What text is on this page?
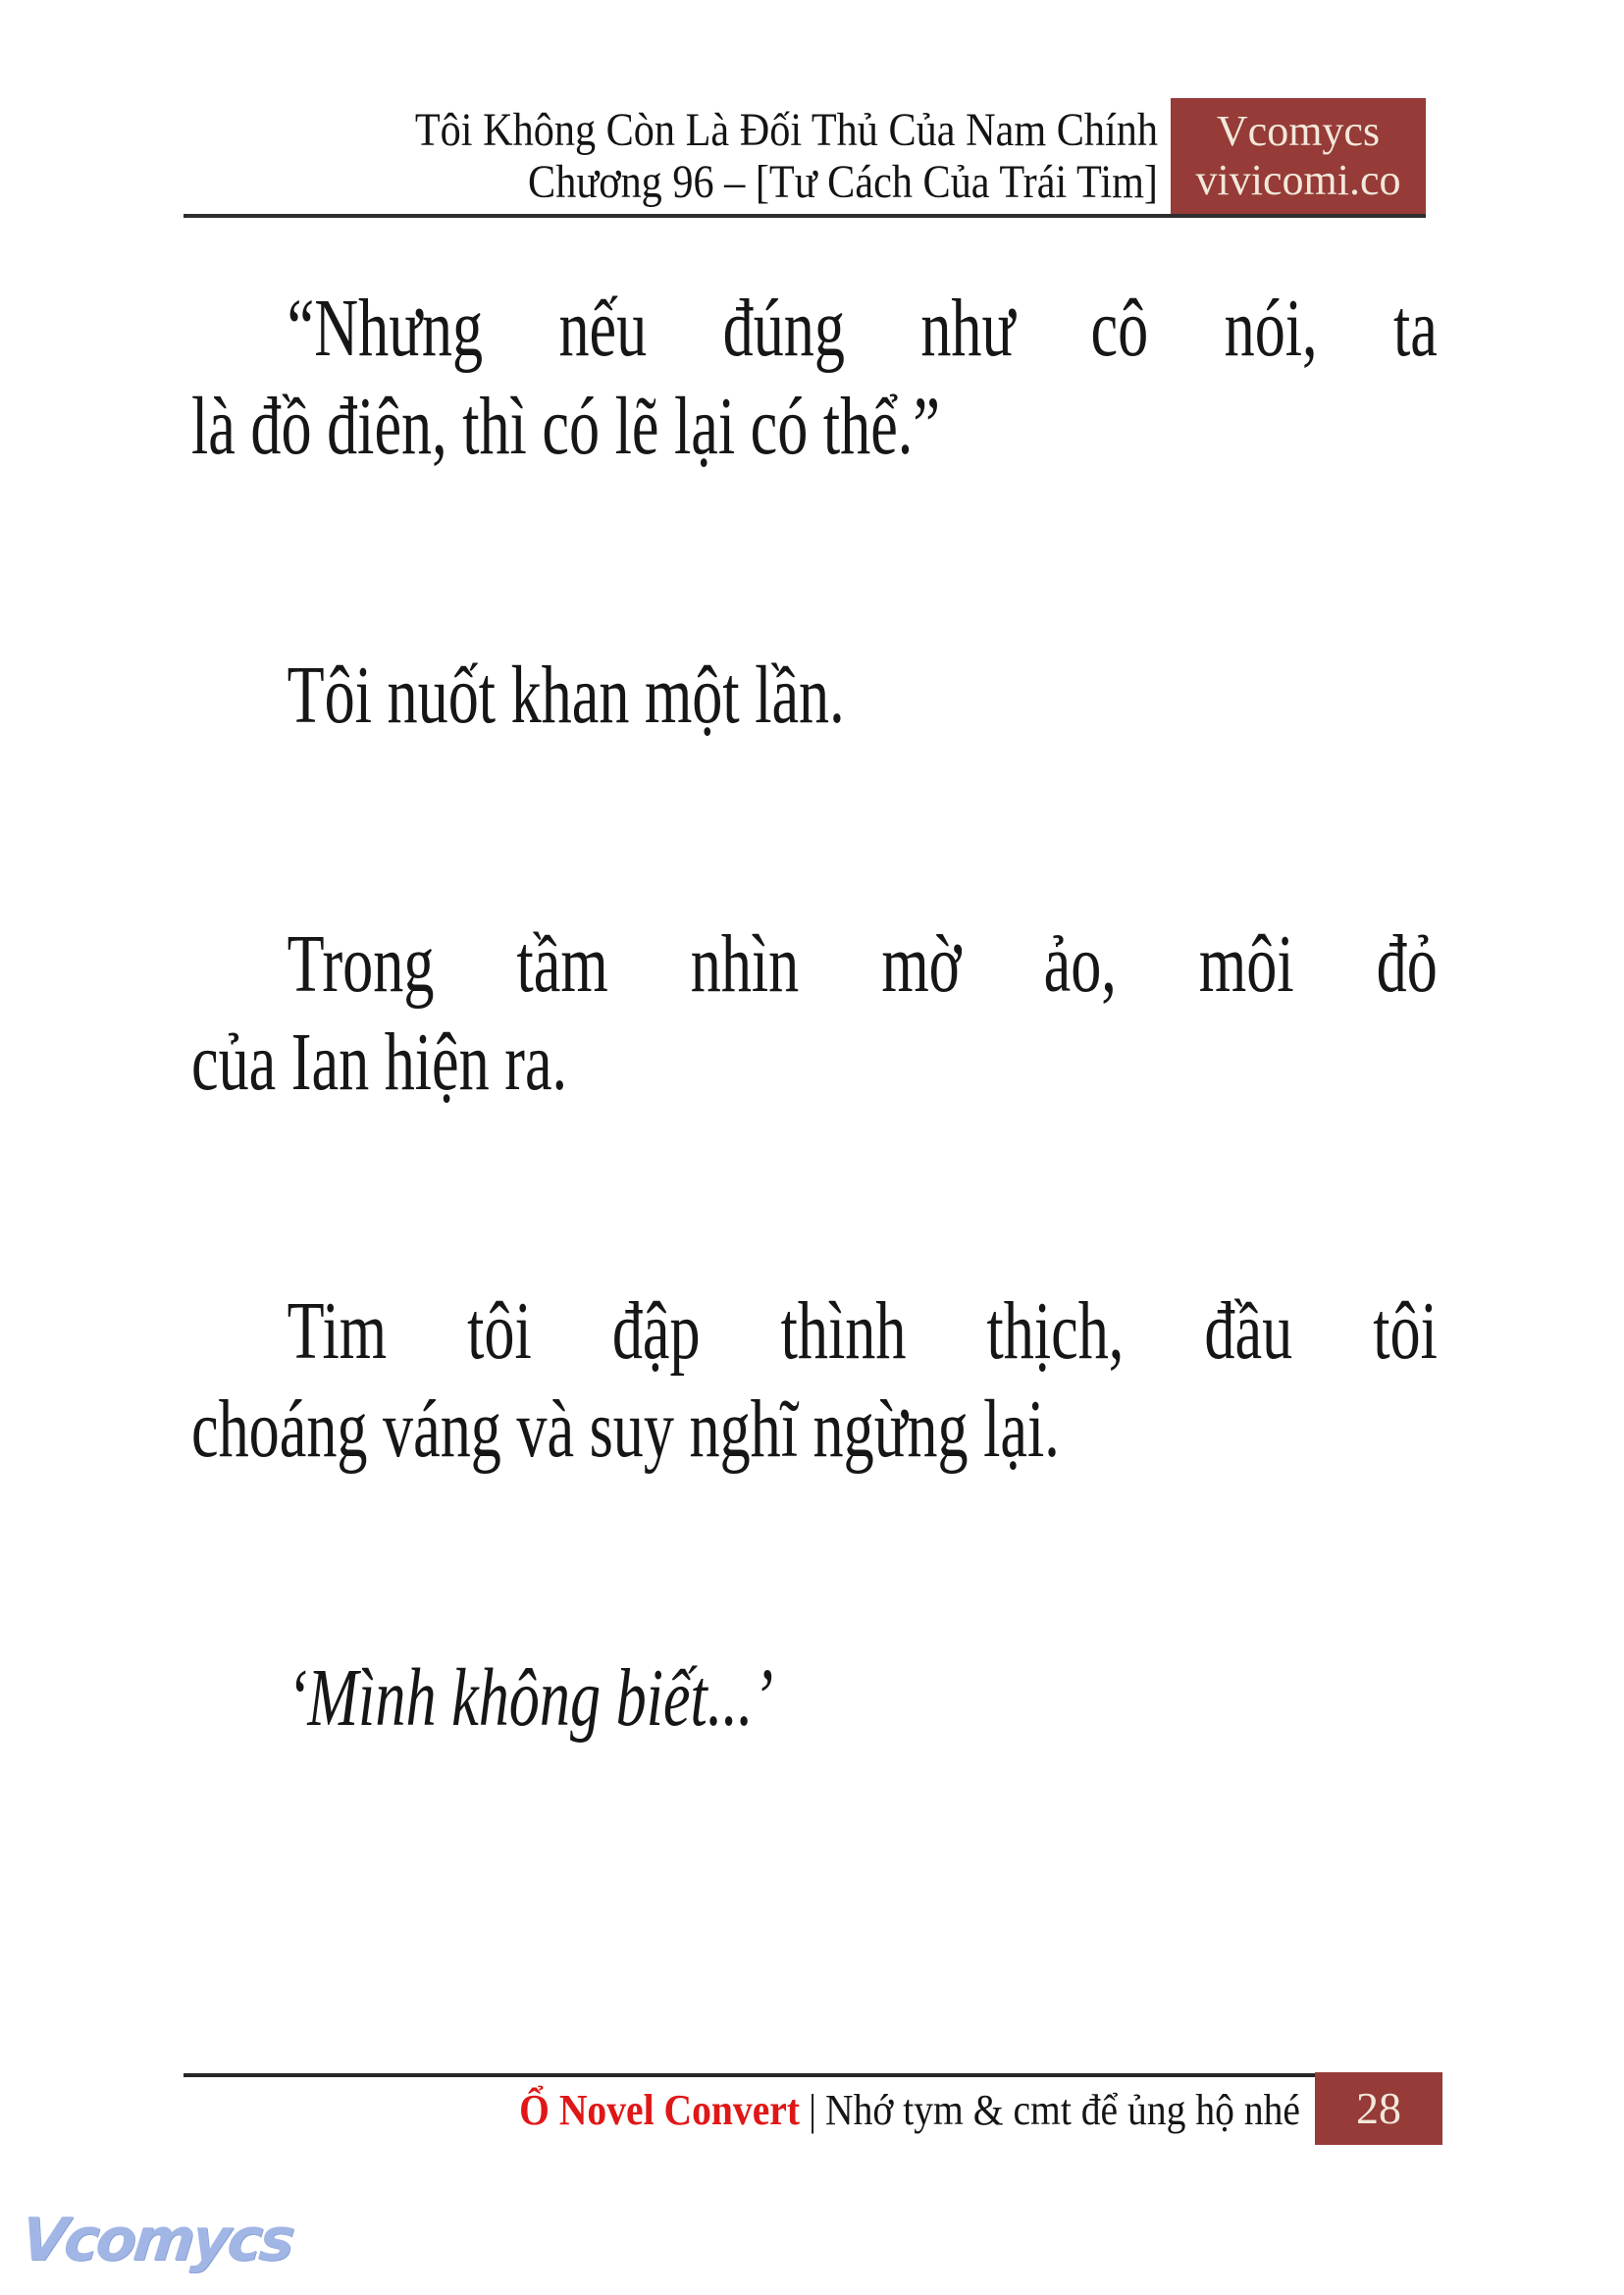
Tôi Không Còn Là Đối Thủ Của Nam Chính
Chương 96 – [Tư Cách Của Trái Tim]
Vcomycs
vivicomi.co

“Nhưng nếu đúng như cô nói, ta
là đồ điên, thì có lẽ lại có thể.”

Tôi nuốt khan một lần.

Trong tầm nhìn mờ ảo, môi đỏ
của Ian hiện ra.

Tim tôi đập thình thịch, đầu tôi
choáng váng và suy nghĩ ngừng lại.

‘Mình không biết...’

Ổ Novel Convert | Nhớ tym & cmt để ủng hộ nhé	28
Vcomycs
